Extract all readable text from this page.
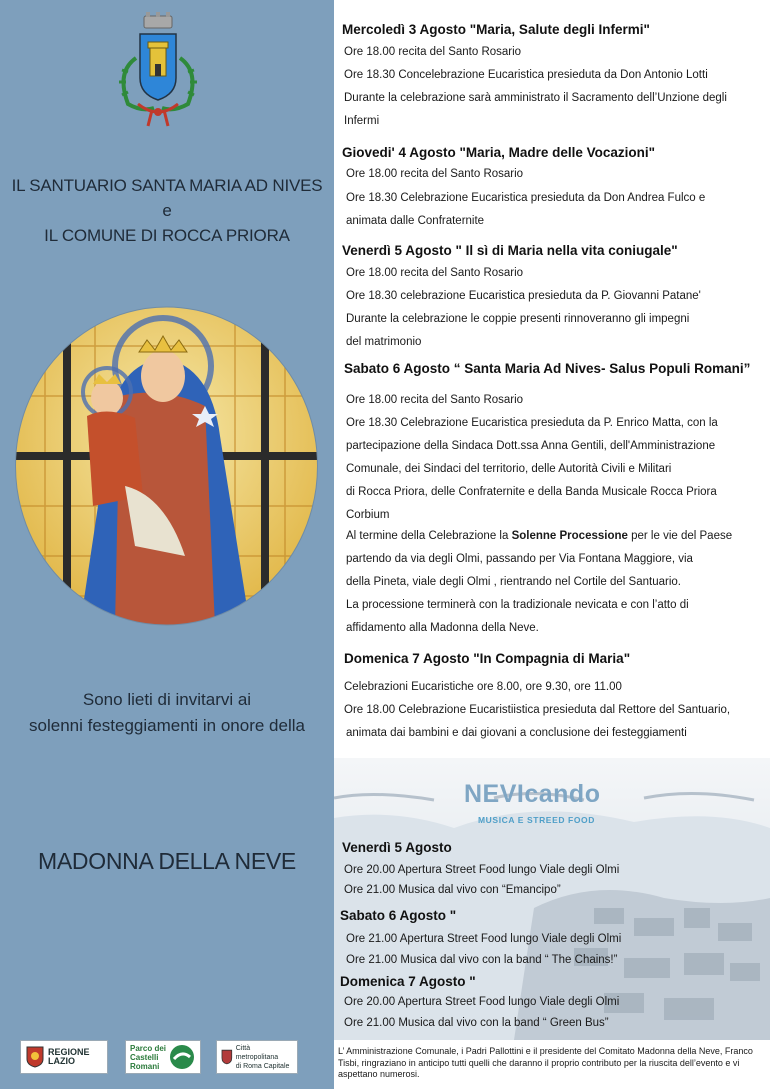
IL SANTUARIO SANTA MARIA AD NIVES
e
IL COMUNE DI ROCCA PRIORA
Sono lieti di invitarvi ai
solenni festeggiamenti in onore della
MADONNA DELLA NEVE
REGIONE
LAZIO
Parco dei
Castelli
Romani
Città metropolitana
di Roma Capitale
Mercoledì 3 Agosto "Maria, Salute degli Infermi"
Ore 18.00 recita del Santo Rosario
Ore 18.30 Concelebrazione Eucaristica presieduta da Don Antonio Lotti
Durante la celebrazione sarà amministrato il Sacramento dell’Unzione degli
Infermi
Giovedi' 4 Agosto "Maria, Madre delle Vocazioni"
Ore 18.00 recita del Santo Rosario
Ore 18.30 Celebrazione Eucaristica presieduta da Don Andrea Fulco e
animata dalle Confraternite
Venerdì 5 Agosto " Il sì di Maria nella vita coniugale"
Ore 18.00 recita del Santo Rosario
Ore 18.30 celebrazione Eucaristica presieduta da P. Giovanni Patane'
Durante la celebrazione le coppie presenti rinnoveranno gli impegni
del matrimonio
Sabato 6 Agosto “ Santa Maria Ad Nives- Salus Populi Romani”
Ore 18.00 recita del Santo Rosario
Ore 18.30 Celebrazione Eucaristica presieduta da P. Enrico Matta, con la
partecipazione della Sindaca Dott.ssa Anna Gentili, dell'Amministrazione
Comunale, dei Sindaci del territorio, delle Autorità Civili e Militari
di Rocca Priora, delle Confraternite e della Banda Musicale Rocca Priora
Corbium
Al termine della Celebrazione la Solenne Processione per le vie del Paese
partendo da via degli Olmi, passando per Via Fontana Maggiore, via
della Pineta, viale degli Olmi , rientrando nel Cortile del Santuario.
La processione terminerà con la tradizionale nevicata e con l’atto di
affidamento alla Madonna della Neve.
Domenica 7 Agosto "In Compagnia di Maria"
Celebrazioni Eucaristiche ore 8.00, ore 9.30, ore 11.00
Ore 18.00 Celebrazione Eucaristiistica presieduta dal Rettore del Santuario,
animata dai bambini e dai giovani a conclusione dei festeggiamenti
NEVIcando
MUSICA E STREED FOOD
Venerdì 5 Agosto
Ore 20.00 Apertura Street Food lungo Viale degli Olmi
Ore 21.00 Musica dal vivo con “Emancipo”
Sabato 6 Agosto "
Ore 21.00 Apertura Street Food lungo Viale degli Olmi
Ore 21.00 Musica dal vivo con la band “ The Chains!”
Domenica 7 Agosto "
Ore 20.00 Apertura Street Food lungo Viale degli Olmi
Ore 21.00 Musica dal vivo con la band “ Green Bus”
L’ Amministrazione Comunale, i Padri Pallottini e il presidente del Comitato Madonna della Neve, Franco Tisbi, ringraziano in anticipo tutti quelli che daranno il proprio contributo per la riuscita dell’evento e vi aspettano numerosi.
